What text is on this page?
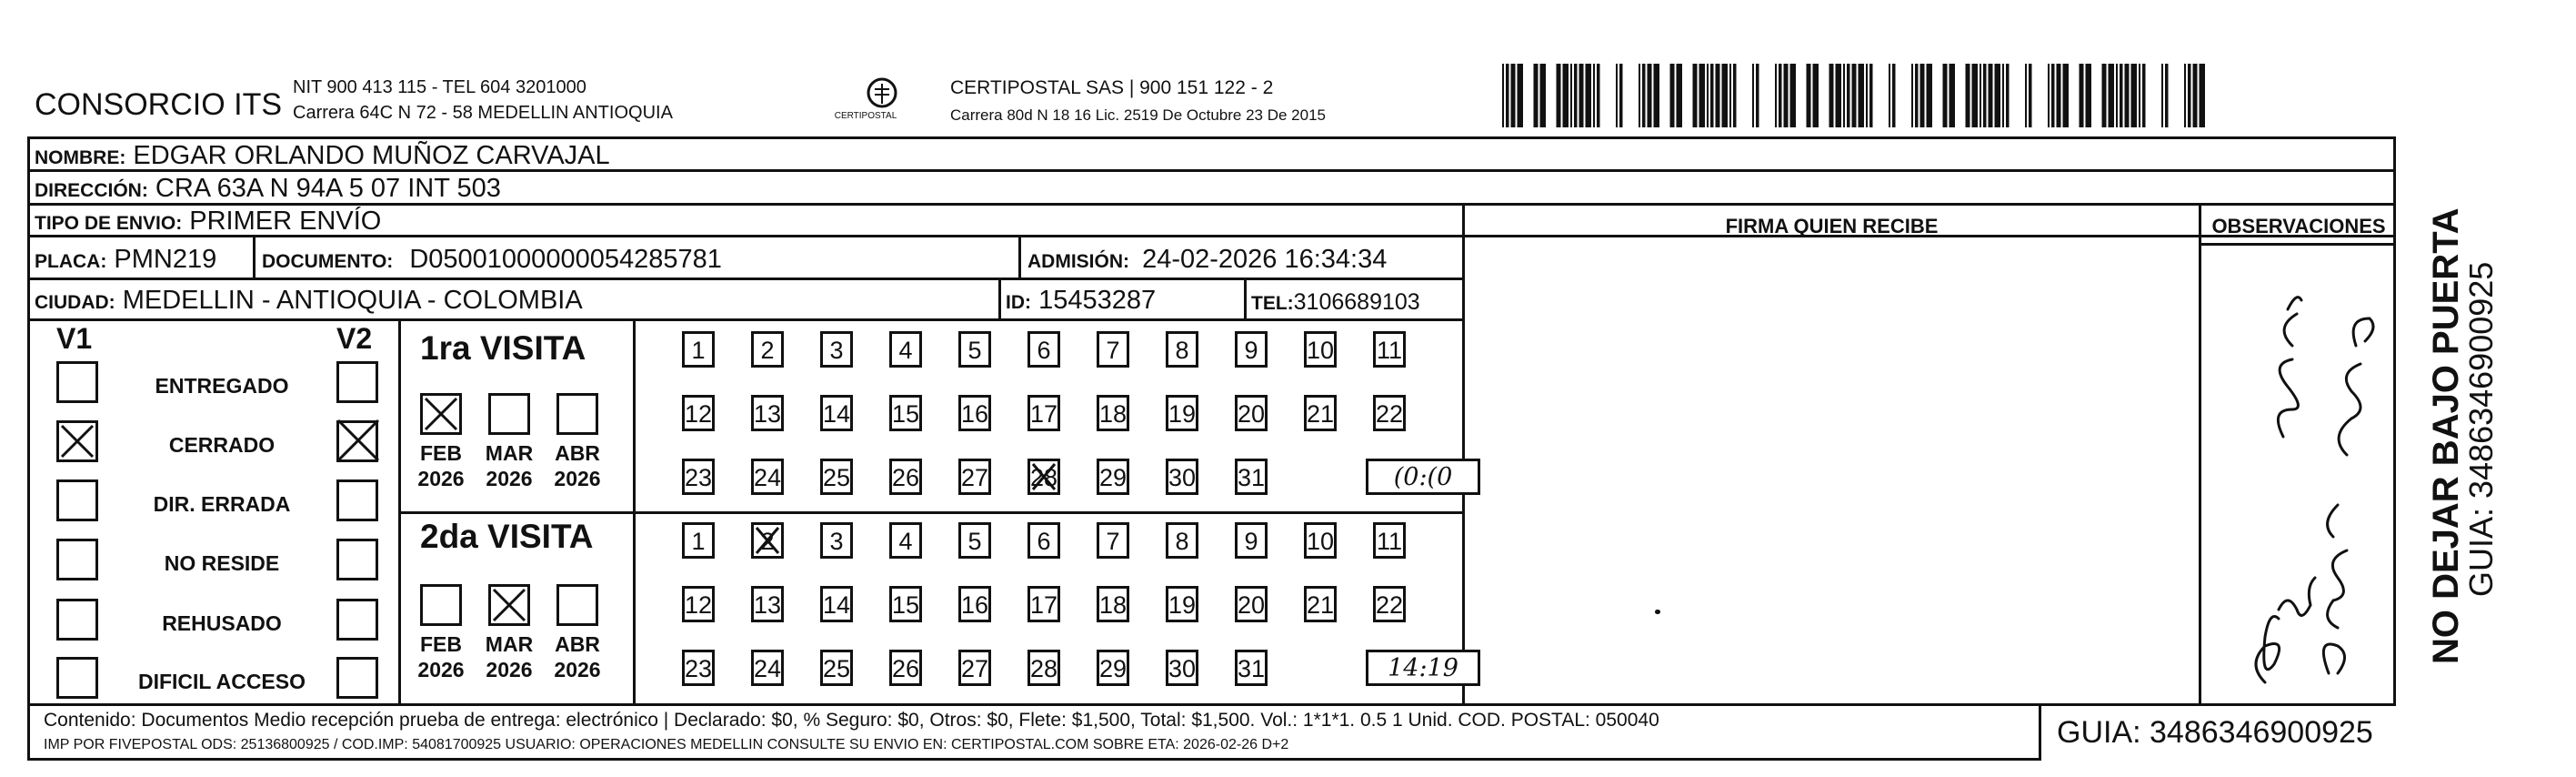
CONSORCIO ITS NIT 900 413 115 - TEL 604 3201000
Carrera 64C N 72 - 58 MEDELLIN ANTIOQUIA	CERTIPOSTAL
CERTIPOSTAL SAS | 900 151 122 - 2
Carrera 80d N 18 16 Lic. 2519 De Octubre 23 De 2015
NOMBRE: EDGAR ORLANDO MUÑOZ CARVAJAL
DIRECCIÓN: CRA 63A N 94A 5 07 INT 503
TIPO DE ENVIO: PRIMER ENVÍO
PLACA: PMN219 DOCUMENTO: D05001000000054285781	ADMISIÓN: 24-02-2026 16:34:34
CIUDAD: MEDELLIN - ANTIOQUIA - COLOMBIA	ID: 15453287	TEL:3106689103
FIRMA QUIEN RECIBE	OBSERVACIONES
V1	V2
ENTREGADO
CERRADO
DIR. ERRADA
NO RESIDE
REHUSADO
DIFICIL ACCESO
1ra VISITA
2da VISITA
FEB
2026
MAR
2026
ABR
2026
1	2	3	4	5	6	7	8	9	10 11
12 13 14 15 16 17 18 19 20 21 22
23 24 25 26 27 28 29 30 31	(0:(0
FEB
2026
MAR
2026
ABR
2026
1	2	3	4	5	6	7	8	9	10 11
12 13 14 15 16 17 18 19 20 21 22
23 24 25 26 27 28 29 30 31	14:19
Contenido: Documentos Medio recepción prueba de entrega: electrónico | Declarado: $0, % Seguro: $0, Otros: $0, Flete: $1,500, Total: $1,500. Vol.: 1*1*1. 0.5 1 Unid. COD. POSTAL: 050040
IMP POR FIVEPOSTAL ODS: 25136800925 / COD.IMP: 54081700925 USUARIO: OPERACIONES MEDELLIN CONSULTE SU ENVIO EN: CERTIPOSTAL.COM SOBRE ETA: 2026-02-26 D+2	GUIA: 3486346900925
NO DEJAR BAJO PUERTA
GUIA: 3486346900925
